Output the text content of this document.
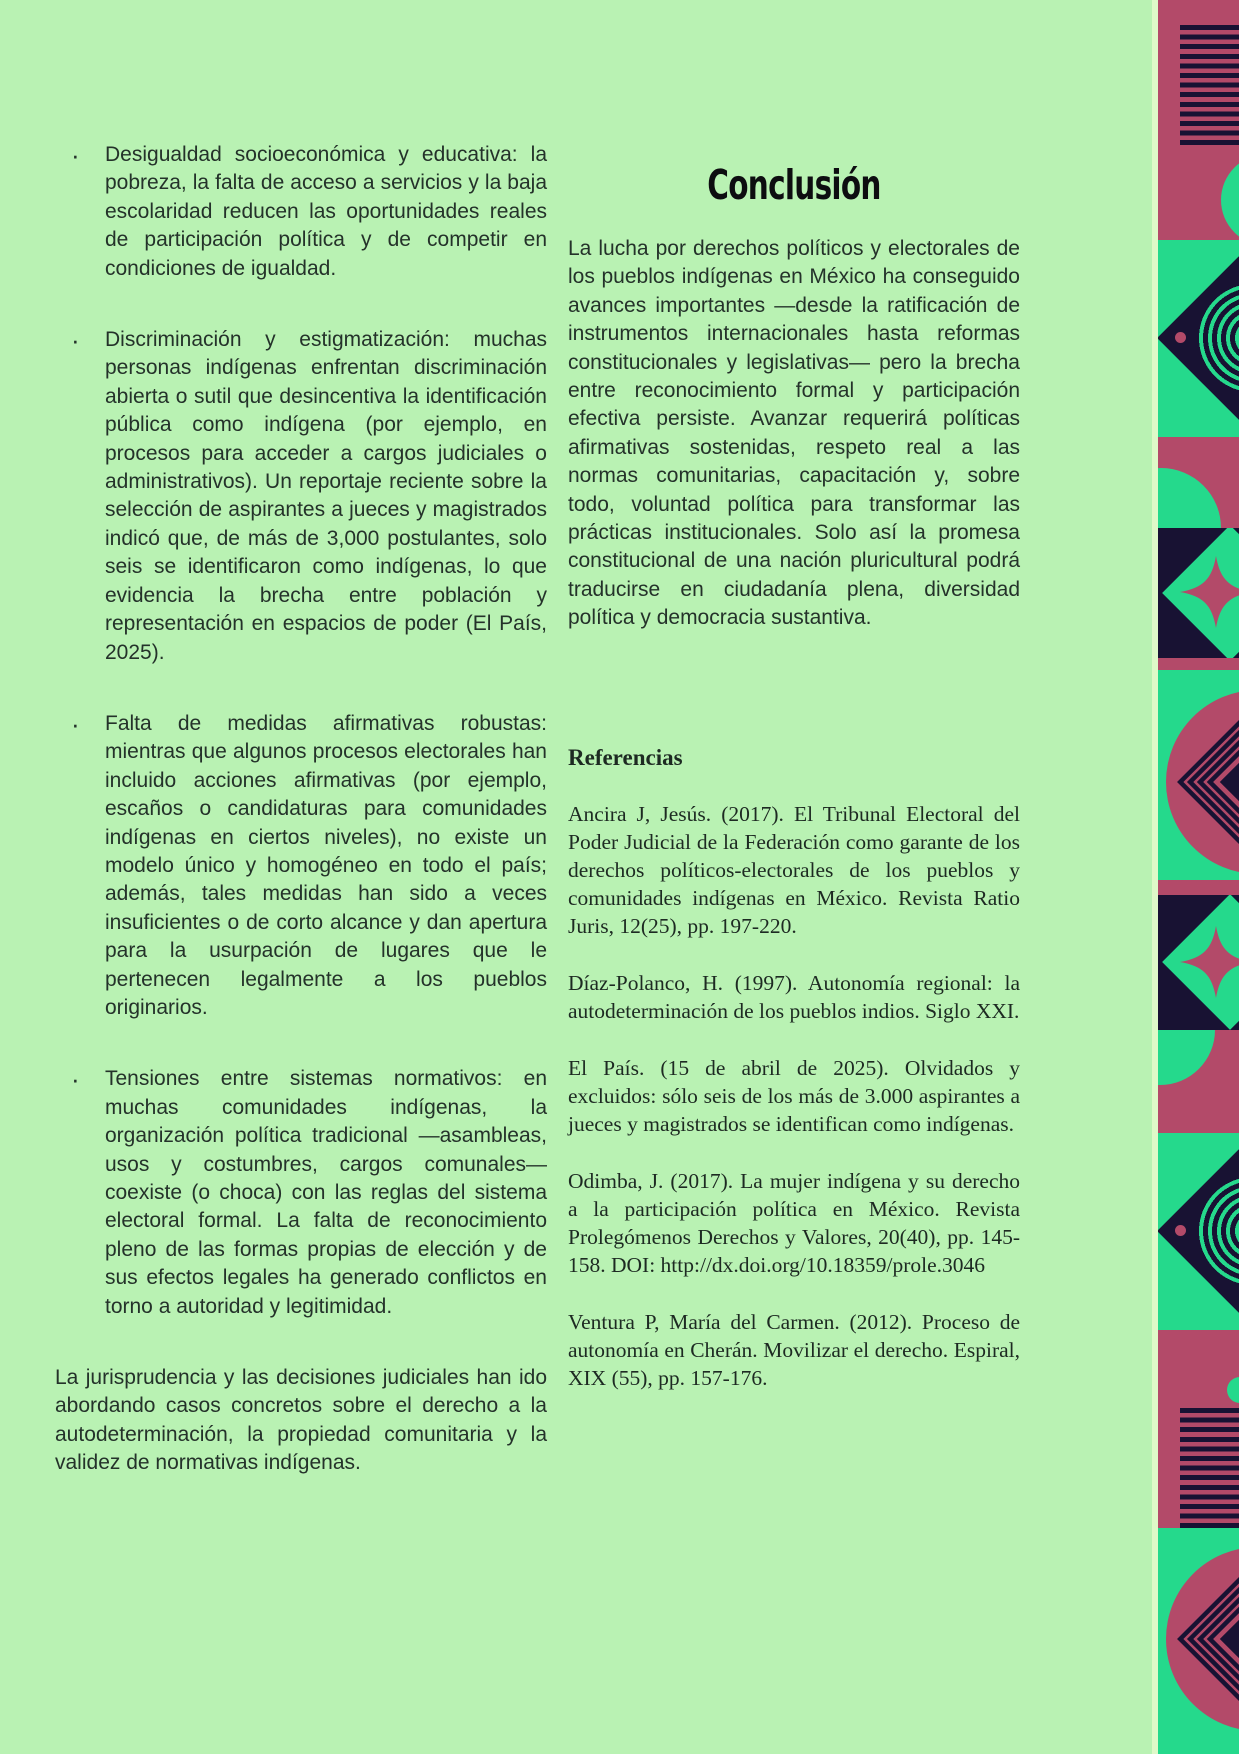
·	Desigualdad socioeconómica y educativa: la pobreza, la falta de acceso a servicios y la baja escolaridad reducen las oportunidades reales de participación política y de competir en condiciones de igualdad.

·	Discriminación y estigmatización: muchas personas indígenas enfrentan discriminación abierta o sutil que desincentiva la identificación pública como indígena (por ejemplo, en procesos para acceder a cargos judiciales o administrativos). Un reportaje reciente sobre la selección de aspirantes a jueces y magistrados indicó que, de más de 3,000 postulantes, solo seis se identificaron como indígenas, lo que evidencia la brecha entre población y representación en espacios de poder (El País, 2025).

·	Falta de medidas afirmativas robustas: mientras que algunos procesos electorales han incluido acciones afirmativas (por ejemplo, escaños o candidaturas para comunidades indígenas en ciertos niveles), no existe un modelo único y homogéneo en todo el país; además, tales medidas han sido a veces insuficientes o de corto alcance y dan apertura para la usurpación de lugares que le pertenecen legalmente a los pueblos originarios.

·	Tensiones entre sistemas normativos: en muchas comunidades indígenas, la organización política tradicional —asambleas, usos y costumbres, cargos comunales— coexiste (o choca) con las reglas del sistema electoral formal. La falta de reconocimiento pleno de las formas propias de elección y de sus efectos legales ha generado conflictos en torno a autoridad y legitimidad.

La jurisprudencia y las decisiones judiciales han ido abordando casos concretos sobre el derecho a la autodeterminación, la propiedad comunitaria y la validez de normativas indígenas.

Conclusión

La lucha por derechos políticos y electorales de los pueblos indígenas en México ha conseguido avances importantes —desde la ratificación de instrumentos internacionales hasta reformas constitucionales y legislativas— pero la brecha entre reconocimiento formal y participación efectiva persiste. Avanzar requerirá políticas afirmativas sostenidas, respeto real a las normas comunitarias, capacitación y, sobre todo, voluntad política para transformar las prácticas institucionales. Solo así la promesa constitucional de una nación pluricultural podrá traducirse en ciudadanía plena, diversidad política y democracia sustantiva.

Referencias

Ancira J, Jesús. (2017). El Tribunal Electoral del Poder Judicial de la Federación como garante de los derechos políticos-electorales de los pueblos y comunidades indígenas en México. Revista Ratio Juris, 12(25), pp. 197-220.

Díaz-Polanco, H. (1997). Autonomía regional: la autodeterminación de los pueblos indios. Siglo XXI.

El País. (15 de abril de 2025). Olvidados y excluidos: sólo seis de los más de 3.000 aspirantes a jueces y magistrados se identifican como indígenas.

Odimba, J. (2017). La mujer indígena y su derecho a la participación política en México. Revista Prolegómenos Derechos y Valores, 20(40), pp. 145-158. DOI: http://dx.doi.org/10.18359/prole.3046

Ventura P, María del Carmen. (2012). Proceso de autonomía en Cherán. Movilizar el derecho. Espiral, XIX (55), pp. 157-176.
